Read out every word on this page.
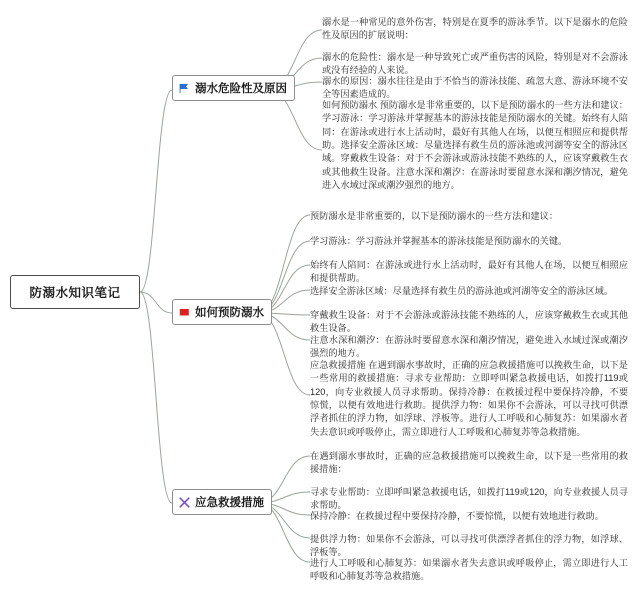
防溺水知识笔记
溺水危险性及原因
如何预防溺水
应急救援措施

溺水是一种常见的意外伤害，特别是在夏季的游泳季节。以下是溺水的危险性及原因的扩展说明：

溺水的危险性：溺水是一种导致死亡或严重伤害的风险，特别是对不会游泳或没有经验的人来说。

溺水的原因：溺水往往是由于不恰当的游泳技能、疏忽大意、游泳环境不安全等因素造成的。

如何预防溺水 预防溺水是非常重要的，以下是预防溺水的一些方法和建议：学习游泳：学习游泳并掌握基本的游泳技能是预防溺水的关键。始终有人陪同：在游泳或进行水上活动时，最好有其他人在场，以便互相照应和提供帮助。选择安全游泳区域：尽量选择有救生员的游泳池或河湖等安全的游泳区域。穿戴救生设备：对于不会游泳或游泳技能不熟练的人，应该穿戴救生衣或其他救生设备。注意水深和潮汐：在游泳时要留意水深和潮汐情况，避免进入水域过深或潮汐强烈的地方。

预防溺水是非常重要的，以下是预防溺水的一些方法和建议：

学习游泳：学习游泳并掌握基本的游泳技能是预防溺水的关键。

始终有人陪同：在游泳或进行水上活动时，最好有其他人在场，以便互相照应和提供帮助。

选择安全游泳区域：尽量选择有救生员的游泳池或河湖等安全的游泳区域。

穿戴救生设备：对于不会游泳或游泳技能不熟练的人，应该穿戴救生衣或其他救生设备。

注意水深和潮汐：在游泳时要留意水深和潮汐情况，避免进入水域过深或潮汐强烈的地方。

应急救援措施 在遇到溺水事故时，正确的应急救援措施可以挽救生命，以下是一些常用的救援措施：寻求专业帮助：立即呼叫紧急救援电话，如拨打119或120，向专业救援人员寻求帮助。保持冷静：在救援过程中要保持冷静，不要惊慌，以便有效地进行救助。提供浮力物：如果你不会游泳，可以寻找可供漂浮者抓住的浮力物，如浮球、浮板等。进行人工呼吸和心肺复苏：如果溺水者失去意识或呼吸停止，需立即进行人工呼吸和心肺复苏等急救措施。

在遇到溺水事故时，正确的应急救援措施可以挽救生命，以下是一些常用的救援措施：

寻求专业帮助：立即呼叫紧急救援电话，如拨打119或120，向专业救援人员寻求帮助。

保持冷静：在救援过程中要保持冷静，不要惊慌，以便有效地进行救助。

提供浮力物：如果你不会游泳，可以寻找可供漂浮者抓住的浮力物，如浮球、浮板等。

进行人工呼吸和心肺复苏：如果溺水者失去意识或呼吸停止，需立即进行人工呼吸和心肺复苏等急救措施。
